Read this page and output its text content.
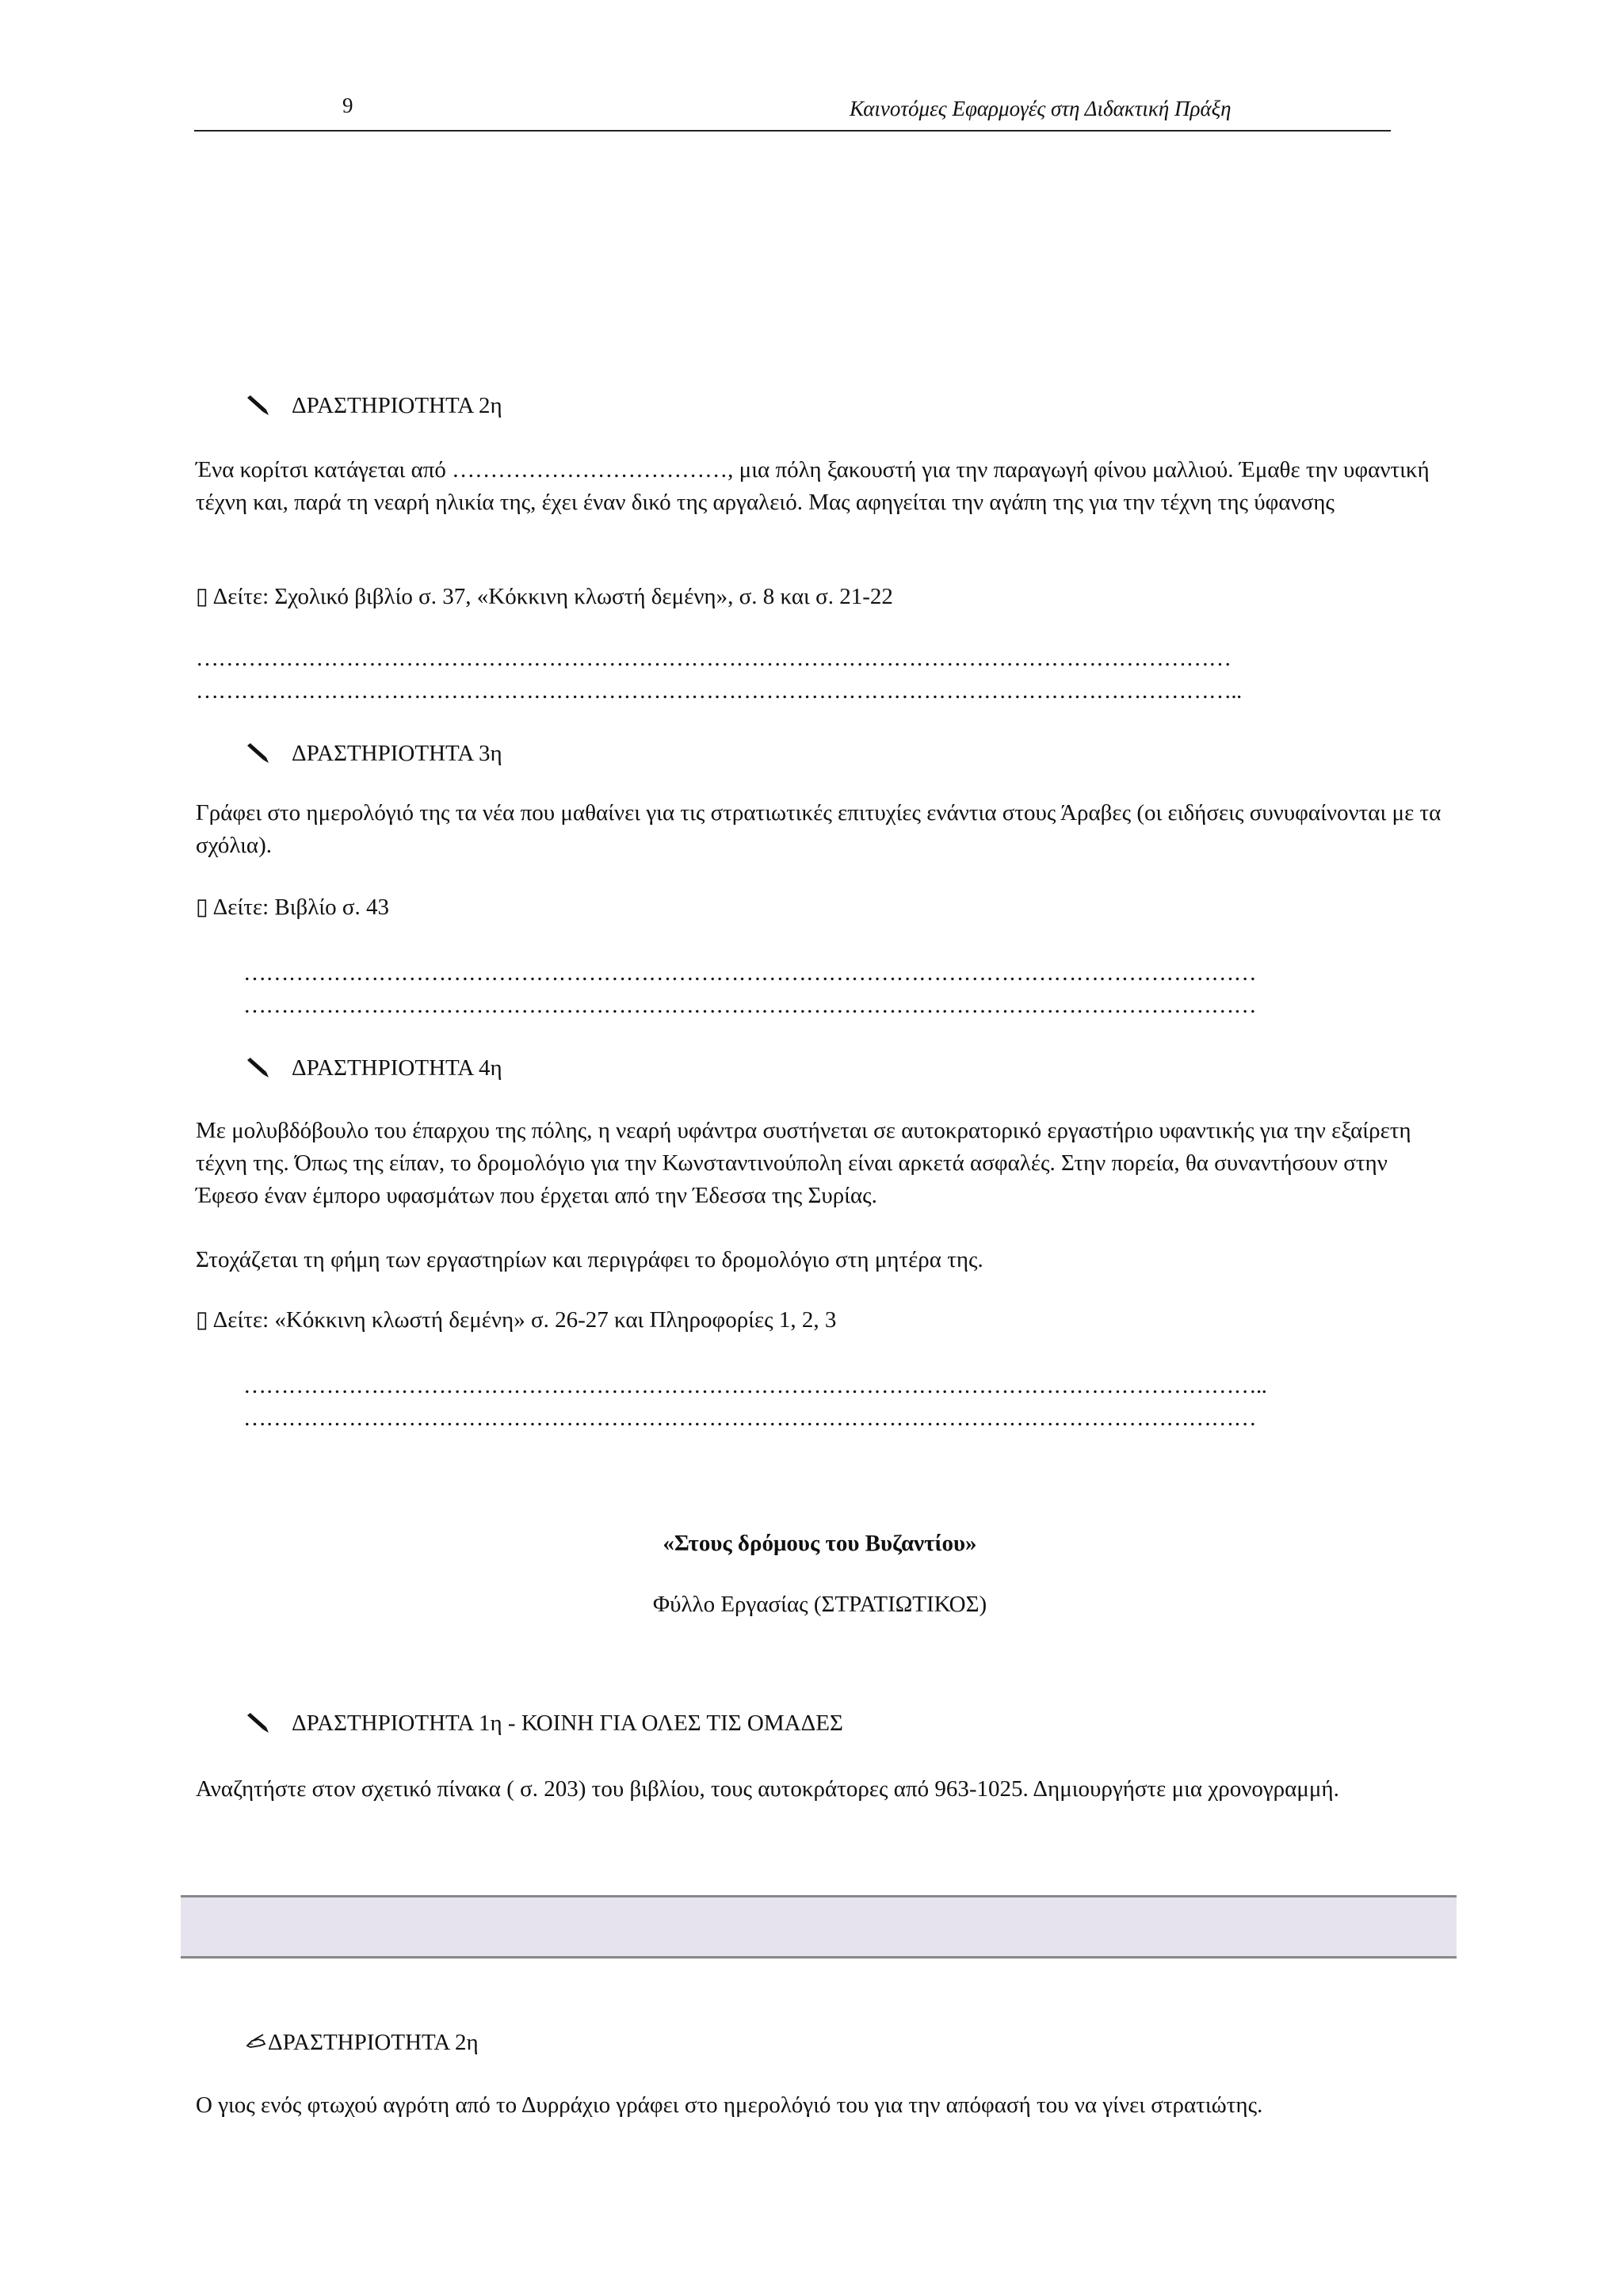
9	Καινοτόμες Εφαρμογές στη Διδακτική Πράξη
ΔΡΑΣΤΗΡΙΟΤΗΤΑ 2η

Ένα κορίτσι κατάγεται από ………………………………, μια πόλη ξακουστή για την παραγωγή φίνου μαλλιού. Έμαθε την υφαντική τέχνη και, παρά τη νεαρή ηλικία της, έχει έναν δικό της αργαλειό. Μας αφηγείται την αγάπη της για την τέχνη της ύφανσης

▯ Δείτε: Σχολικό βιβλίο σ. 37, «Κόκκινη κλωστή δεμένη», σ. 8 και σ. 21-22
…………………………………………………………………………………………………………………………
…………………………………………………………………………………………………………………………..
ΔΡΑΣΤΗΡΙΟΤΗΤΑ 3η

Γράφει στο ημερολόγιό της τα νέα που μαθαίνει για τις στρατιωτικές επιτυχίες ενάντια στους Άραβες (οι ειδήσεις συνυφαίνονται με τα σχόλια).

▯ Δείτε: Βιβλίο σ. 43
………………………………………………………………………………………………………………………
………………………………………………………………………………………………………………………
ΔΡΑΣΤΗΡΙΟΤΗΤΑ 4η

Με μολυβδόβουλο του έπαρχου της πόλης, η νεαρή υφάντρα συστήνεται σε αυτοκρατορικό εργαστήριο υφαντικής για την εξαίρετη τέχνη της. Όπως της είπαν, το δρομολόγιο για την Κωνσταντινούπολη είναι αρκετά ασφαλές. Στην πορεία, θα συναντήσουν στην Έφεσο έναν έμπορο υφασμάτων που έρχεται από την Έδεσσα της Συρίας.

Στοχάζεται τη φήμη των εργαστηρίων και περιγράφει το δρομολόγιο στη μητέρα της.

▯ Δείτε: «Κόκκινη κλωστή δεμένη» σ. 26-27 και Πληροφορίες 1, 2, 3
………………………………………………………………………………………………………………………..
………………………………………………………………………………………………………………………
«Στους δρόμους του Βυζαντίου»
Φύλλο Εργασίας (ΣΤΡΑΤΙΩΤΙΚΟΣ)
ΔΡΑΣΤΗΡΙΟΤΗΤΑ 1η - ΚΟΙΝΗ ΓΙΑ ΟΛΕΣ ΤΙΣ ΟΜΑΔΕΣ

Αναζητήστε στον σχετικό πίνακα ( σ. 203) του βιβλίου, τους αυτοκράτορες από 963-1025. Δημιουργήστε μια χρονογραμμή.

ΔΡΑΣΤΗΡΙΟΤΗΤΑ 2η

Ο γιος ενός φτωχού αγρότη από το Δυρράχιο γράφει στο ημερολόγιό του για την απόφασή του να γίνει στρατιώτης.
